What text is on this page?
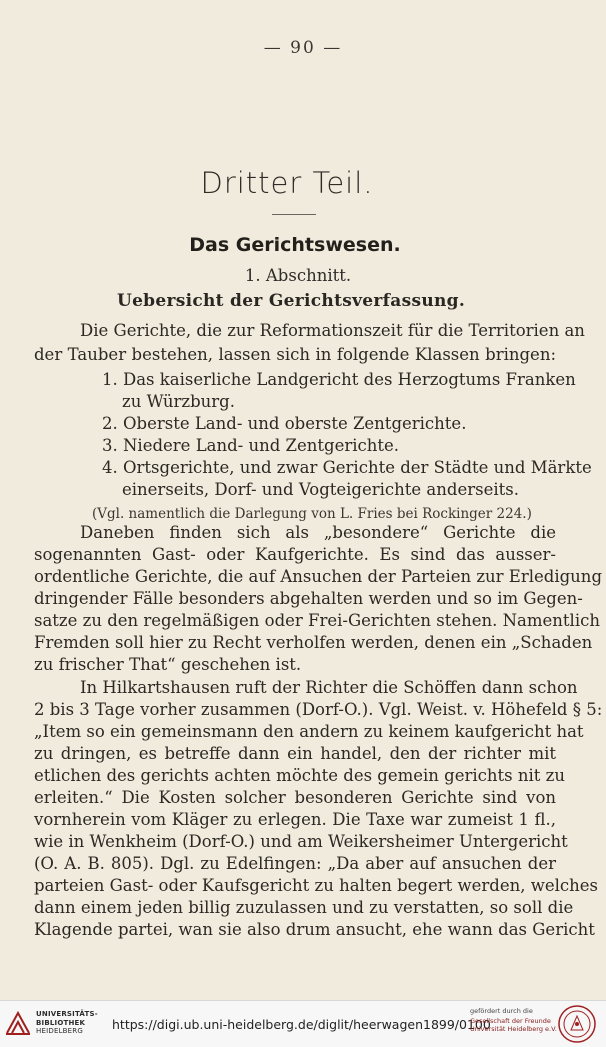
— 90 —
Dritter Teil.
Das Gerichtswesen.
1. Abschnitt.
Uebersicht der Gerichtsverfassung.
Die Gerichte, die zur Reformationszeit für die Territorien an
der Tauber bestehen, lassen sich in folgende Klassen bringen:
1. Das kaiserliche Landgericht des Herzogtums Franken
zu Würzburg.
2. Oberste Land- und oberste Zentgerichte.
3. Niedere Land- und Zentgerichte.
4. Ortsgerichte, und zwar Gerichte der Städte und Märkte
einerseits, Dorf- und Vogteigerichte anderseits.
(Vgl. namentlich die Darlegung von L. Fries bei Rockinger 224.)
Daneben finden sich als „besondere“ Gerichte die
sogenannten Gast- oder Kaufgerichte. Es sind das ausser-
ordentliche Gerichte, die auf Ansuchen der Parteien zur Erledigung
dringender Fälle besonders abgehalten werden und so im Gegen-
satze zu den regelmäßigen oder Frei-Gerichten stehen. Namentlich
Fremden soll hier zu Recht verholfen werden, denen ein „Schaden
zu frischer That“ geschehen ist.
In Hilkartshausen ruft der Richter die Schöffen dann schon
2 bis 3 Tage vorher zusammen (Dorf-O.). Vgl. Weist. v. Höhefeld § 5:
„Item so ein gemeinsmann den andern zu keinem kaufgericht hat
zu dringen, es betreffe dann ein handel, den der richter mit
etlichen des gerichts achten möchte des gemein gerichts nit zu
erleiten.“ Die Kosten solcher besonderen Gerichte sind von
vornherein vom Kläger zu erlegen. Die Taxe war zumeist 1 fl.,
wie in Wenkheim (Dorf-O.) und am Weikersheimer Untergericht
(O. A. B. 805). Dgl. zu Edelfingen: „Da aber auf ansuchen der
parteien Gast- oder Kaufsgericht zu halten begert werden, welches
dann einem jeden billig zuzulassen und zu verstatten, so soll die
Klagende partei, wan sie also drum ansucht, ehe wann das Gericht
UNIVERSITÄTS-
BIBLIOTHEK
HEIDELBERG	https://digi.ub.uni-heidelberg.de/diglit/heerwagen1899/0100
gefördert durch die
Gesellschaft der Freunde
Universität Heidelberg e.V.
